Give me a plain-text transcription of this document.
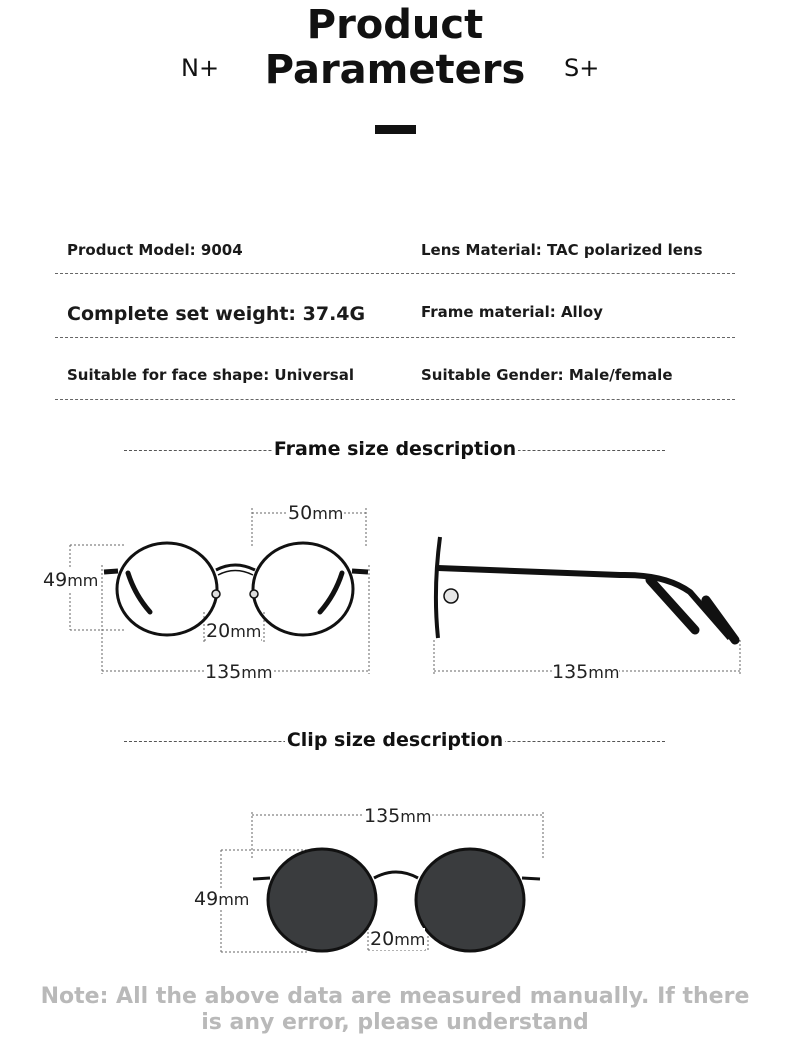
Product
Parameters
N+	S+
Product Model: 9004	Lens Material: TAC polarized lens
Complete set weight: 37.4G	Frame material: Alloy
Suitable for face shape: Universal	Suitable Gender: Male/female
Frame size description
50mm
49mm
20mm
135mm	135mm
Clip size description
135mm
49mm
20mm
Note: All the above data are measured manually. If there
is any error, please understand
